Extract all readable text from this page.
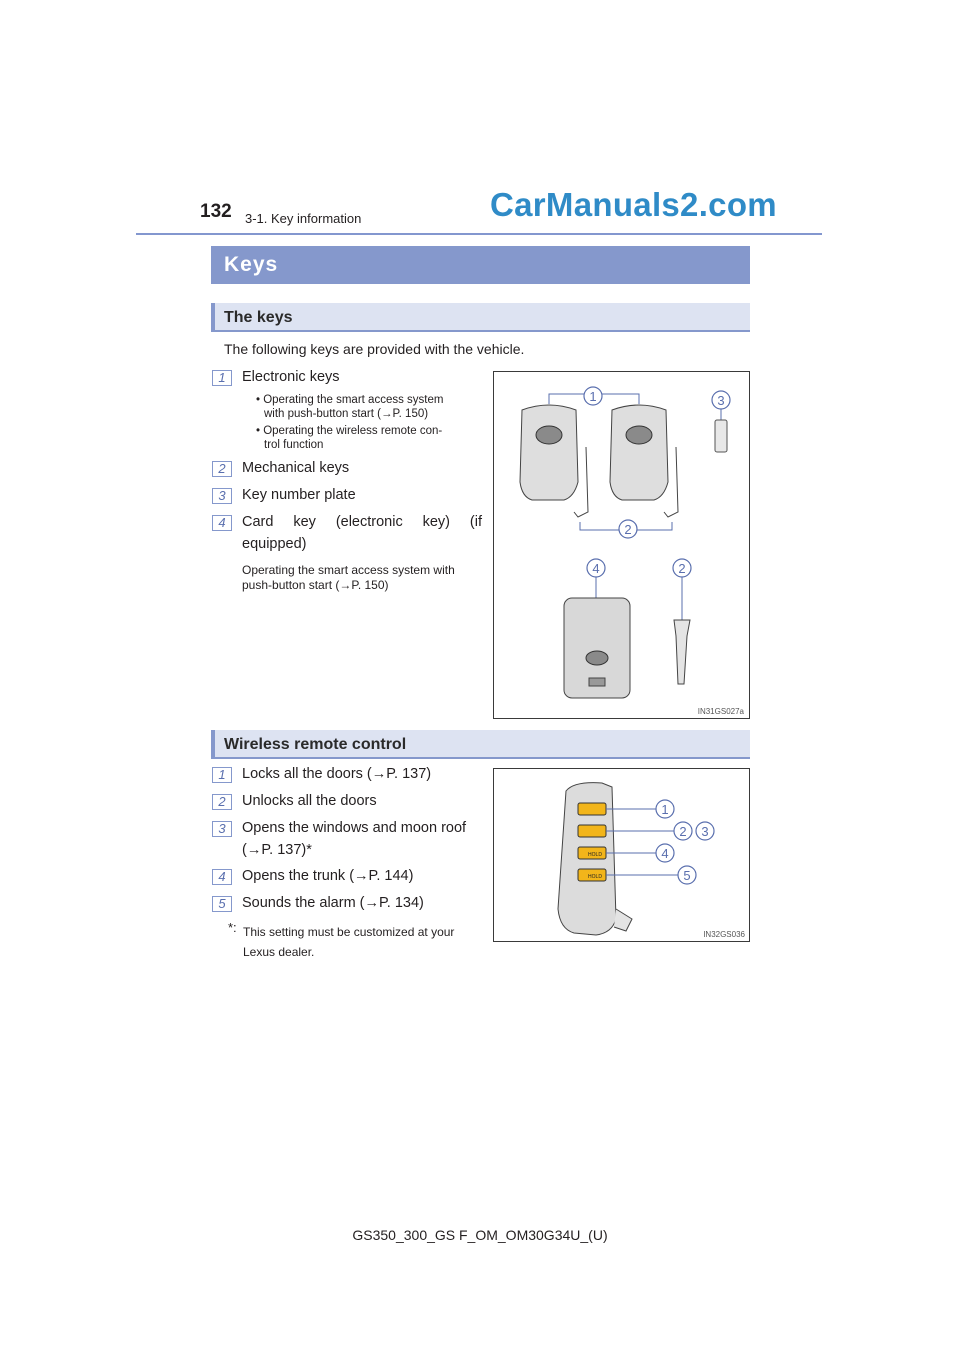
132 3-1. Key information	CarManuals2.com
Keys
The keys
The following keys are provided with the vehicle.
1	Electronic keys
• Operating the smart access system
with push-button start (→P. 150)
• Operating the wireless remote con-
trol function
2	Mechanical keys
3	Key number plate
4	Card key (electronic key) (if
equipped)
Operating the smart access system with
push-button start (→P. 150)
1	3
2
4	2
IN31GS027a
Wireless remote control
1	Locks all the doors (→P. 137)
2	Unlocks all the doors
3	Opens the windows and moon roof
(→P. 137)*
4	Opens the trunk (→P. 144)
5	Sounds the alarm (→P. 134)
*: This setting must be customized at your
Lexus dealer.
HOLD
HOLD
1
2 3
4
5
IN32GS036
GS350_300_GS F_OM_OM30G34U_(U)
